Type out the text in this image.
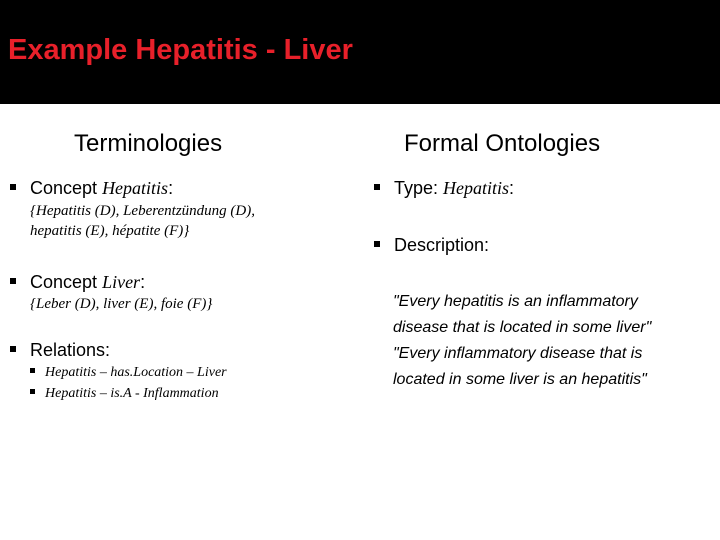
Example Hepatitis - Liver
Terminologies
Concept Hepatitis:
{Hepatitis (D), Leberentzündung (D),
hepatitis (E), hépatite (F)}
Concept Liver:
{Leber (D), liver (E), foie (F)}
Relations:
Hepatitis – has.Location – Liver
Hepatitis – is.A - Inflammation
Formal Ontologies
Type: Hepatitis:
Description:
"Every hepatitis is an inflammatory
disease that is located in some liver"
"Every inflammatory disease that is
located in some liver is an hepatitis"
